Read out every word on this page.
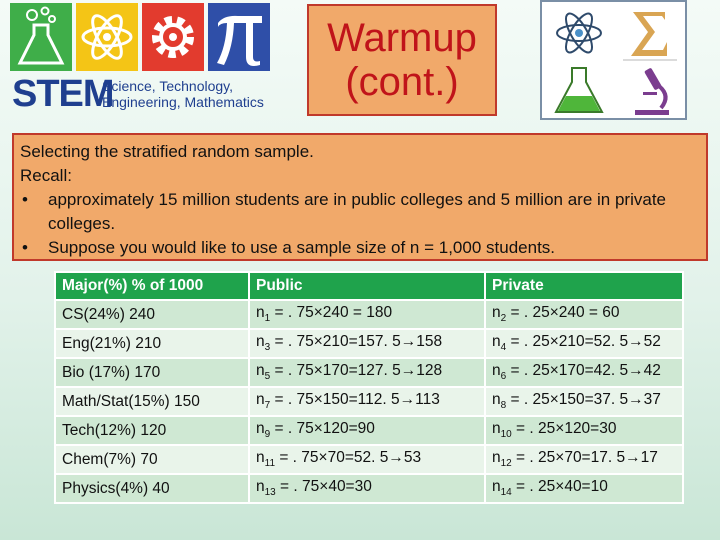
STEM
Science, Technology,
Engineering, Mathematics
Warmup
(cont.)
Selecting the stratified random sample.
Recall:
• approximately 15 million students are in public colleges and 5 million are in private colleges.
• Suppose you would like to use a sample size of n = 1,000 students.
Major(%) % of 1000	Public	Private
CS(24%) 240	$n_1$ = . 75×240 = 180	$n_2$ = . 25×240 = 60
Eng(21%) 210	$n_3$ = . 75×210=157. 5→158	$n_4$ = . 25×210=52. 5→52
Bio (17%) 170	$n_5$ = . 75×170=127. 5→128	$n_6$ = . 25×170=42. 5→42
Math/Stat(15%) 150	$n_7$ = . 75×150=112. 5→113	$n_8$ = . 25×150=37. 5→37
Tech(12%) 120	$n_9$ = . 75×120=90	$n_{10}$ = . 25×120=30
Chem(7%) 70	$n_{11}$ = . 75×70=52. 5→53	$n_{12}$ = . 25×70=17. 5→17
Physics(4%) 40	$n_{13}$ = . 75×40=30	$n_{14}$ = . 25×40=10
